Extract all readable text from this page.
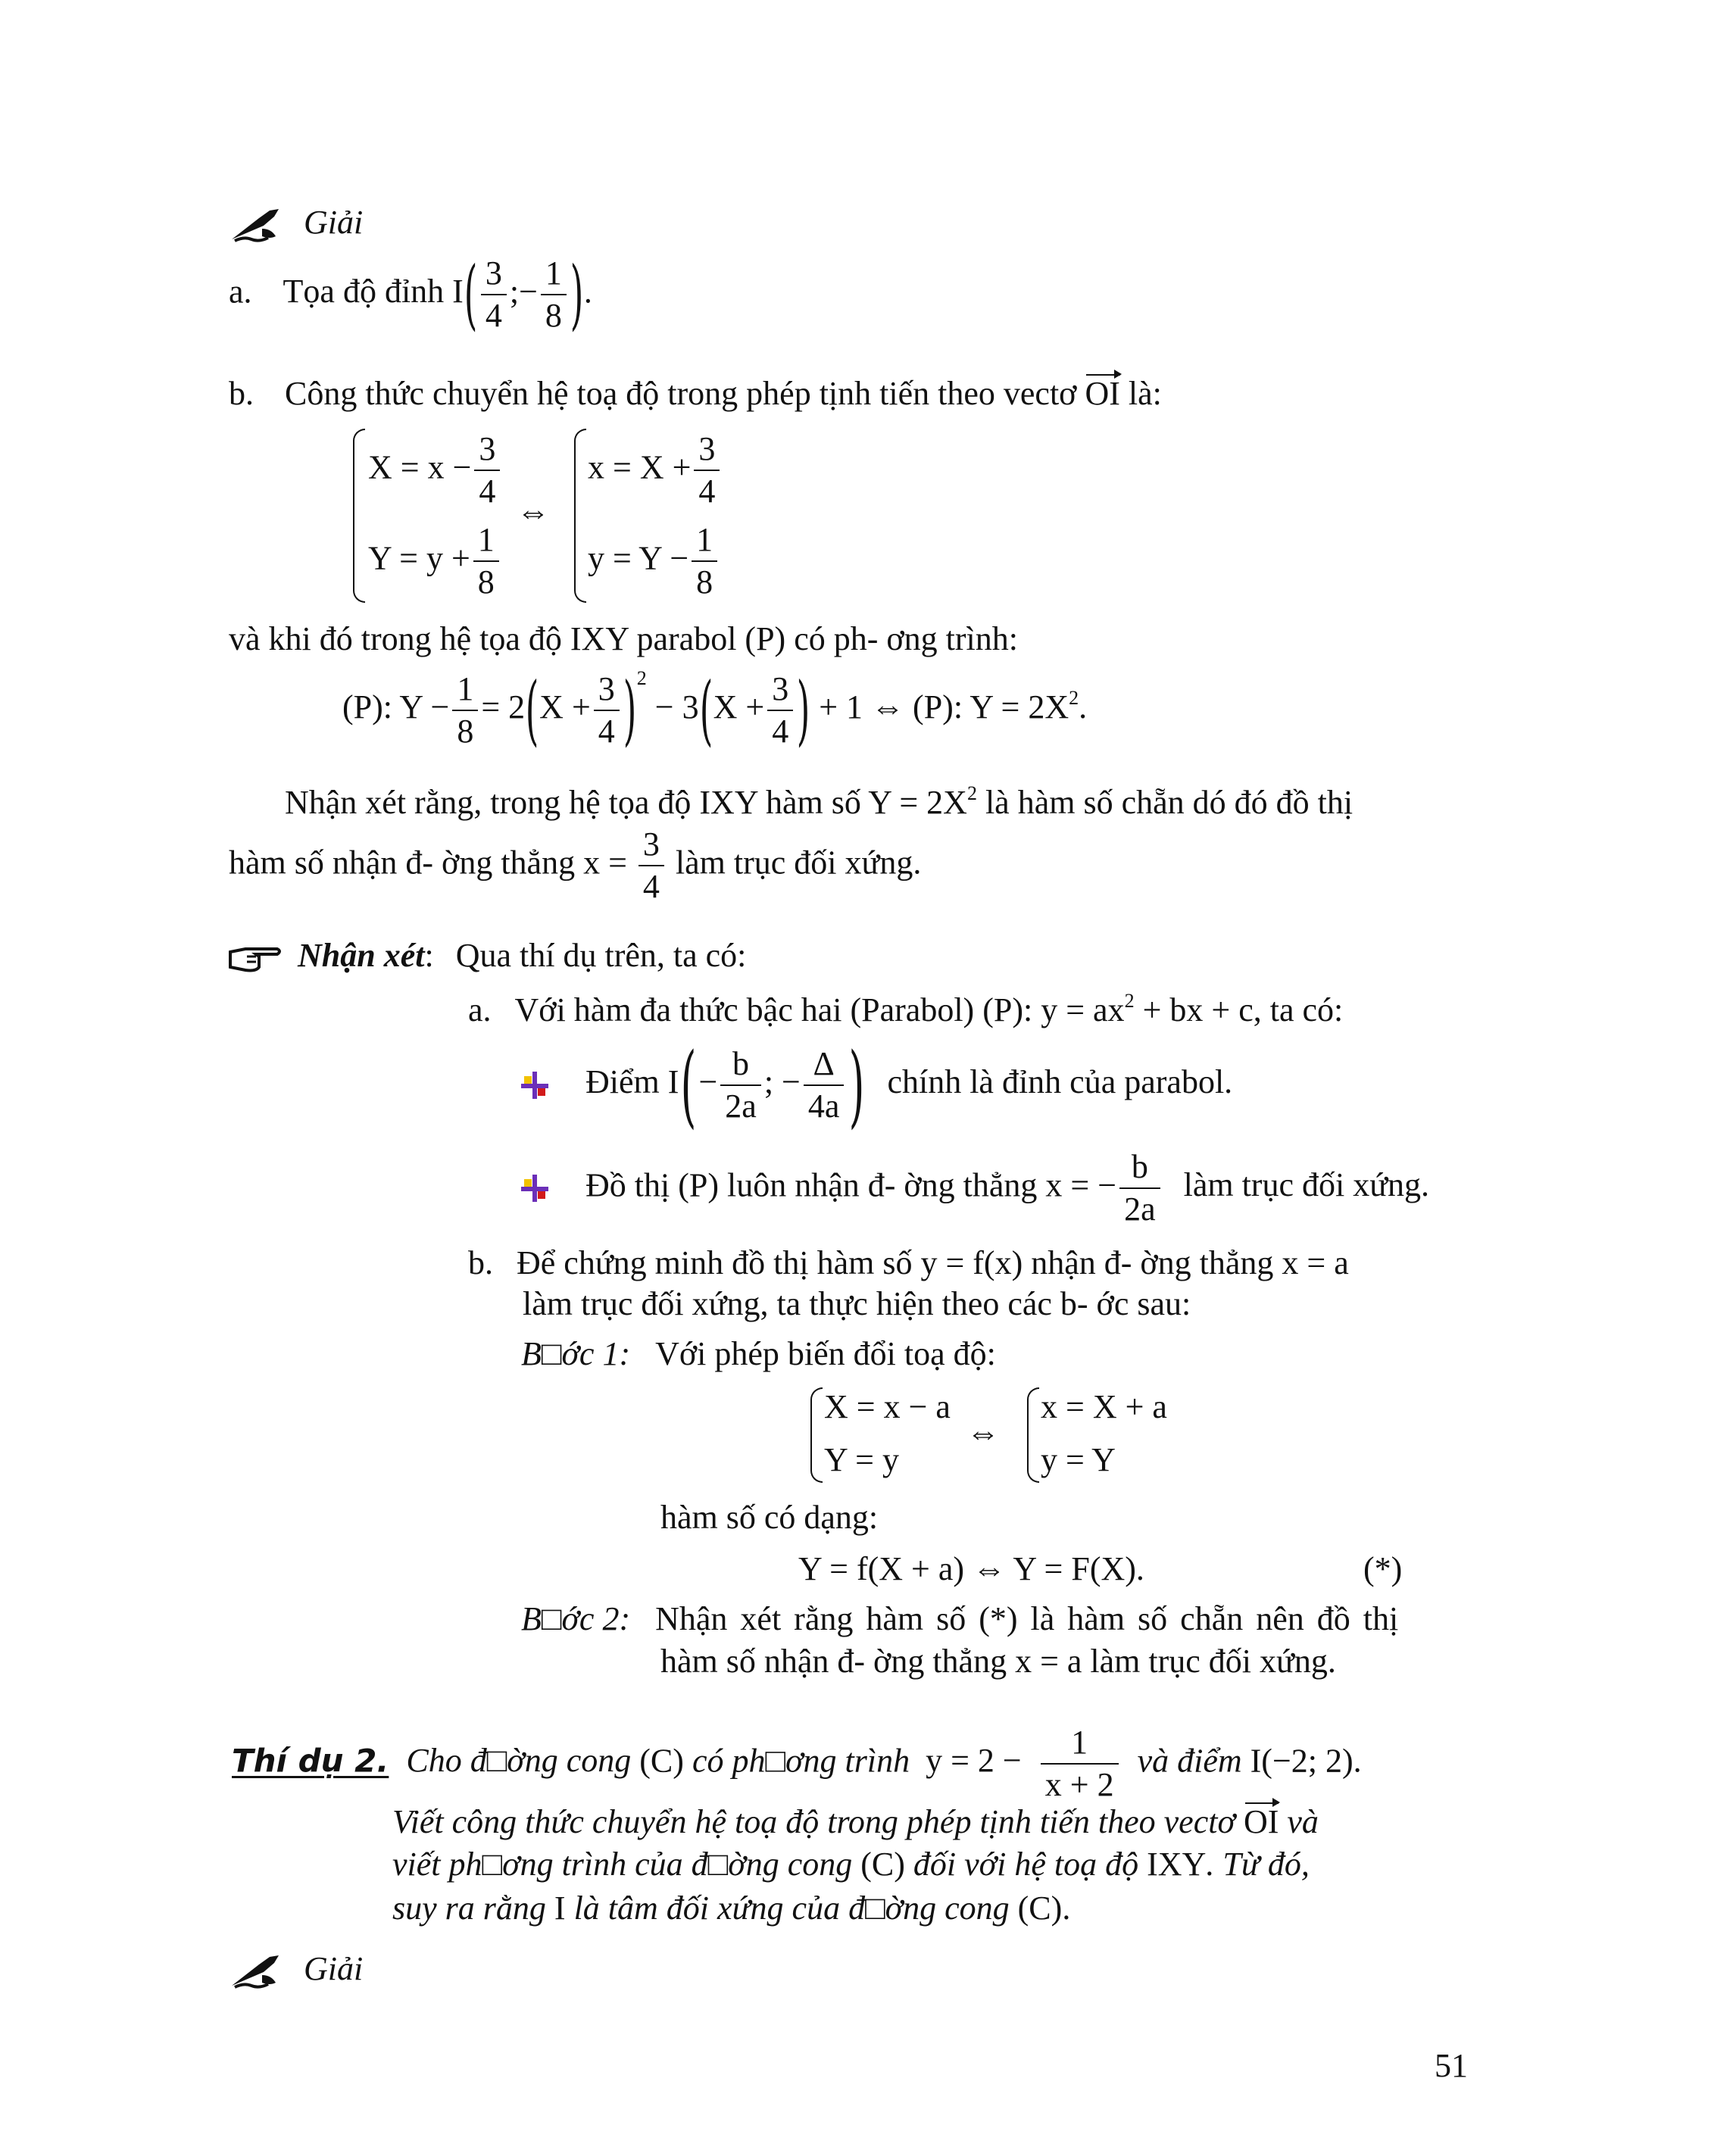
Giải
a. Tọa độ đỉnh $I( \frac{3}{4}$ ;− $\frac{1}{8}$ ).
b. Công thức chuyển hệ toạ độ trong phép tịnh tiến theo vectơ OI là:
$X = x - \frac{3}{4}$
$Y = y + \frac{1}{8}$
⇔
$x = X + \frac{3}{4}$
$y = Y - \frac{1}{8}$
và khi đó trong hệ tọa độ IXY parabol (P) có ph- ơng trình:
(P): $Y - \frac{1}{8} = 2(X + \frac{3}{4} )^2 - 3(X + \frac{3}{4}$ ) + 1 ⇔ (P): $Y = 2X^2$.
Nhận xét rằng, trong hệ tọa độ IXY hàm số $Y = 2X^2$ là hàm số chẵn dó đó đồ thị
hàm số nhận đ- ờng thẳng $x = \frac{3}{4}$ làm trục đối xứng.
Nhận xét: Qua thí dụ trên, ta có:
a. Với hàm đa thức bậc hai (Parabol) (P): $y = ax^2$ + bx + c, ta có:
Điểm $I(- \frac{b}{2a}$ ; − $\frac{\Delta}{4a}$ ) chính là đỉnh của parabol.
Đồ thị (P) luôn nhận đ- ờng thẳng x = − $\frac{b}{2a}$ làm trục đối xứng.
b. Để chứng minh đồ thị hàm số y = f(x) nhận đ- ờng thẳng x = a
làm trục đối xứng, ta thực hiện theo các b- ớc sau:
B□ớc 1: Với phép biến đổi toạ độ:
X = x − a
Y = y
⇔
x = X + a
y = Y
hàm số có dạng:
Y = f(X + a) ⇔ Y = F(X).	(*)
B□ớc 2: Nhận xét rằng hàm số (*) là hàm số chẵn nên đồ thị
hàm số nhận đ- ờng thẳng x = a làm trục đối xứng.
Thí dụ 2. Cho đ□ờng cong (C) có ph□ơng trình $y = 2 - \frac{1}{x + 2}$ và điểm I(−2; 2).
Viết công thức chuyển hệ toạ độ trong phép tịnh tiến theo vectơ OI và
viết ph□ơng trình của đ□ờng cong (C) đối với hệ toạ độ IXY. Từ đó,
suy ra rằng I là tâm đối xứng của đ□ờng cong (C).
Giải
51
